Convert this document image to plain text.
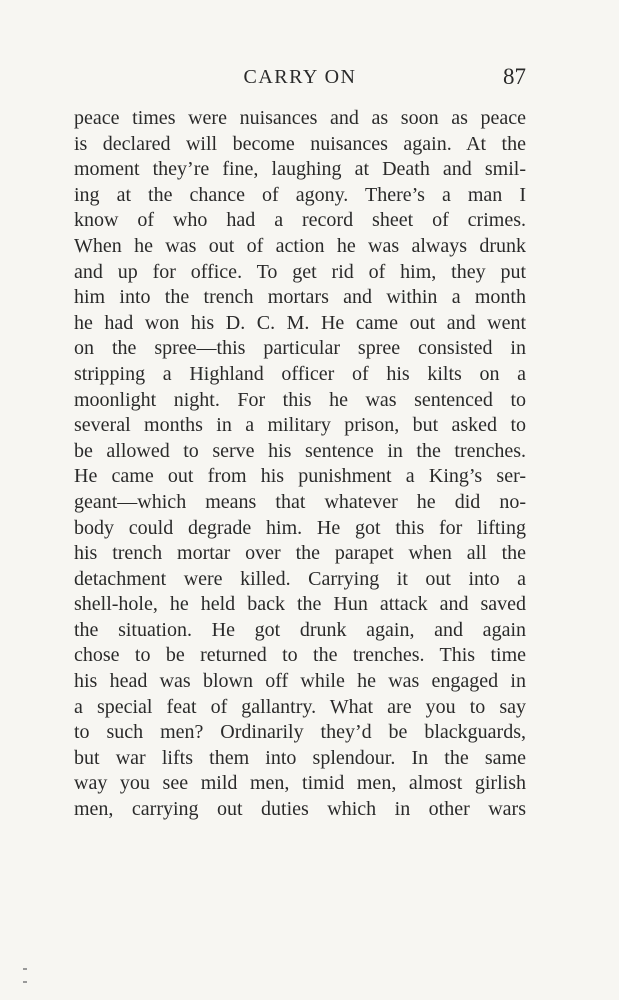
CARRY ON	87
peace times were nuisances and as soon as peace
is declared will become nuisances again. At the
moment they’re fine, laughing at Death and smil-
ing at the chance of agony. There’s a man I
know of who had a record sheet of crimes.
When he was out of action he was always drunk
and up for office. To get rid of him, they put
him into the trench mortars and within a month
he had won his D. C. M. He came out and went
on the spree—this particular spree consisted in
stripping a Highland officer of his kilts on a
moonlight night. For this he was sentenced to
several months in a military prison, but asked to
be allowed to serve his sentence in the trenches.
He came out from his punishment a King’s ser-
geant—which means that whatever he did no-
body could degrade him. He got this for lifting
his trench mortar over the parapet when all the
detachment were killed. Carrying it out into a
shell-hole, he held back the Hun attack and saved
the situation. He got drunk again, and again
chose to be returned to the trenches. This time
his head was blown off while he was engaged in
a special feat of gallantry. What are you to say
to such men? Ordinarily they’d be blackguards,
but war lifts them into splendour. In the same
way you see mild men, timid men, almost girlish
men, carrying out duties which in other wars
